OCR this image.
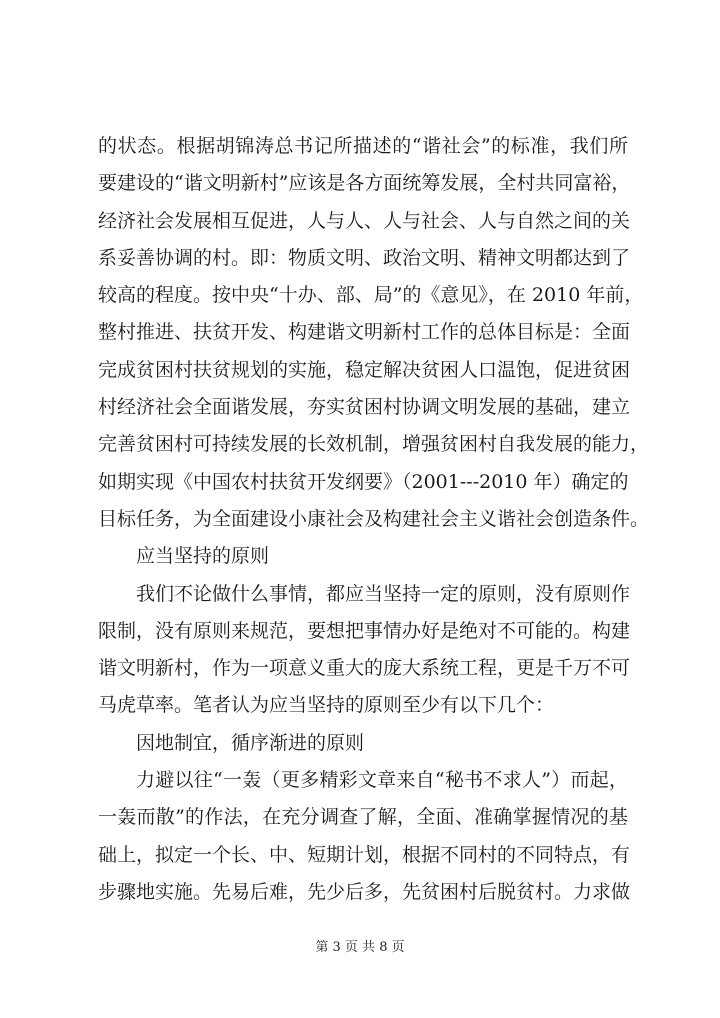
的状态。根据胡锦涛总书记所描述的“谐社会”的标准，我们所
要建设的“谐文明新村”应该是各方面统筹发展，全村共同富裕，
经济社会发展相互促进，人与人、人与社会、人与自然之间的关
系妥善协调的村。即：物质文明、政治文明、精神文明都达到了
较高的程度。按中央“十办、部、局”的《意见》，在 2010 年前，
整村推进、扶贫开发、构建谐文明新村工作的总体目标是：全面
完成贫困村扶贫规划的实施，稳定解决贫困人口温饱，促进贫困
村经济社会全面谐发展，夯实贫困村协调文明发展的基础，建立
完善贫困村可持续发展的长效机制，增强贫困村自我发展的能力，
如期实现《中国农村扶贫开发纲要》（2001---2010 年）确定的
目标任务，为全面建设小康社会及构建社会主义谐社会创造条件。
应当坚持的原则
我们不论做什么事情，都应当坚持一定的原则，没有原则作
限制，没有原则来规范，要想把事情办好是绝对不可能的。构建
谐文明新村，作为一项意义重大的庞大系统工程，更是千万不可
马虎草率。笔者认为应当坚持的原则至少有以下几个：
因地制宜，循序渐进的原则
力避以往“一轰（更多精彩文章来自“秘书不求人”）而起，
一轰而散”的作法，在充分调查了解，全面、准确掌握情况的基
础上，拟定一个长、中、短期计划，根据不同村的不同特点，有
步骤地实施。先易后难，先少后多，先贫困村后脱贫村。力求做
第 3 页 共 8 页
